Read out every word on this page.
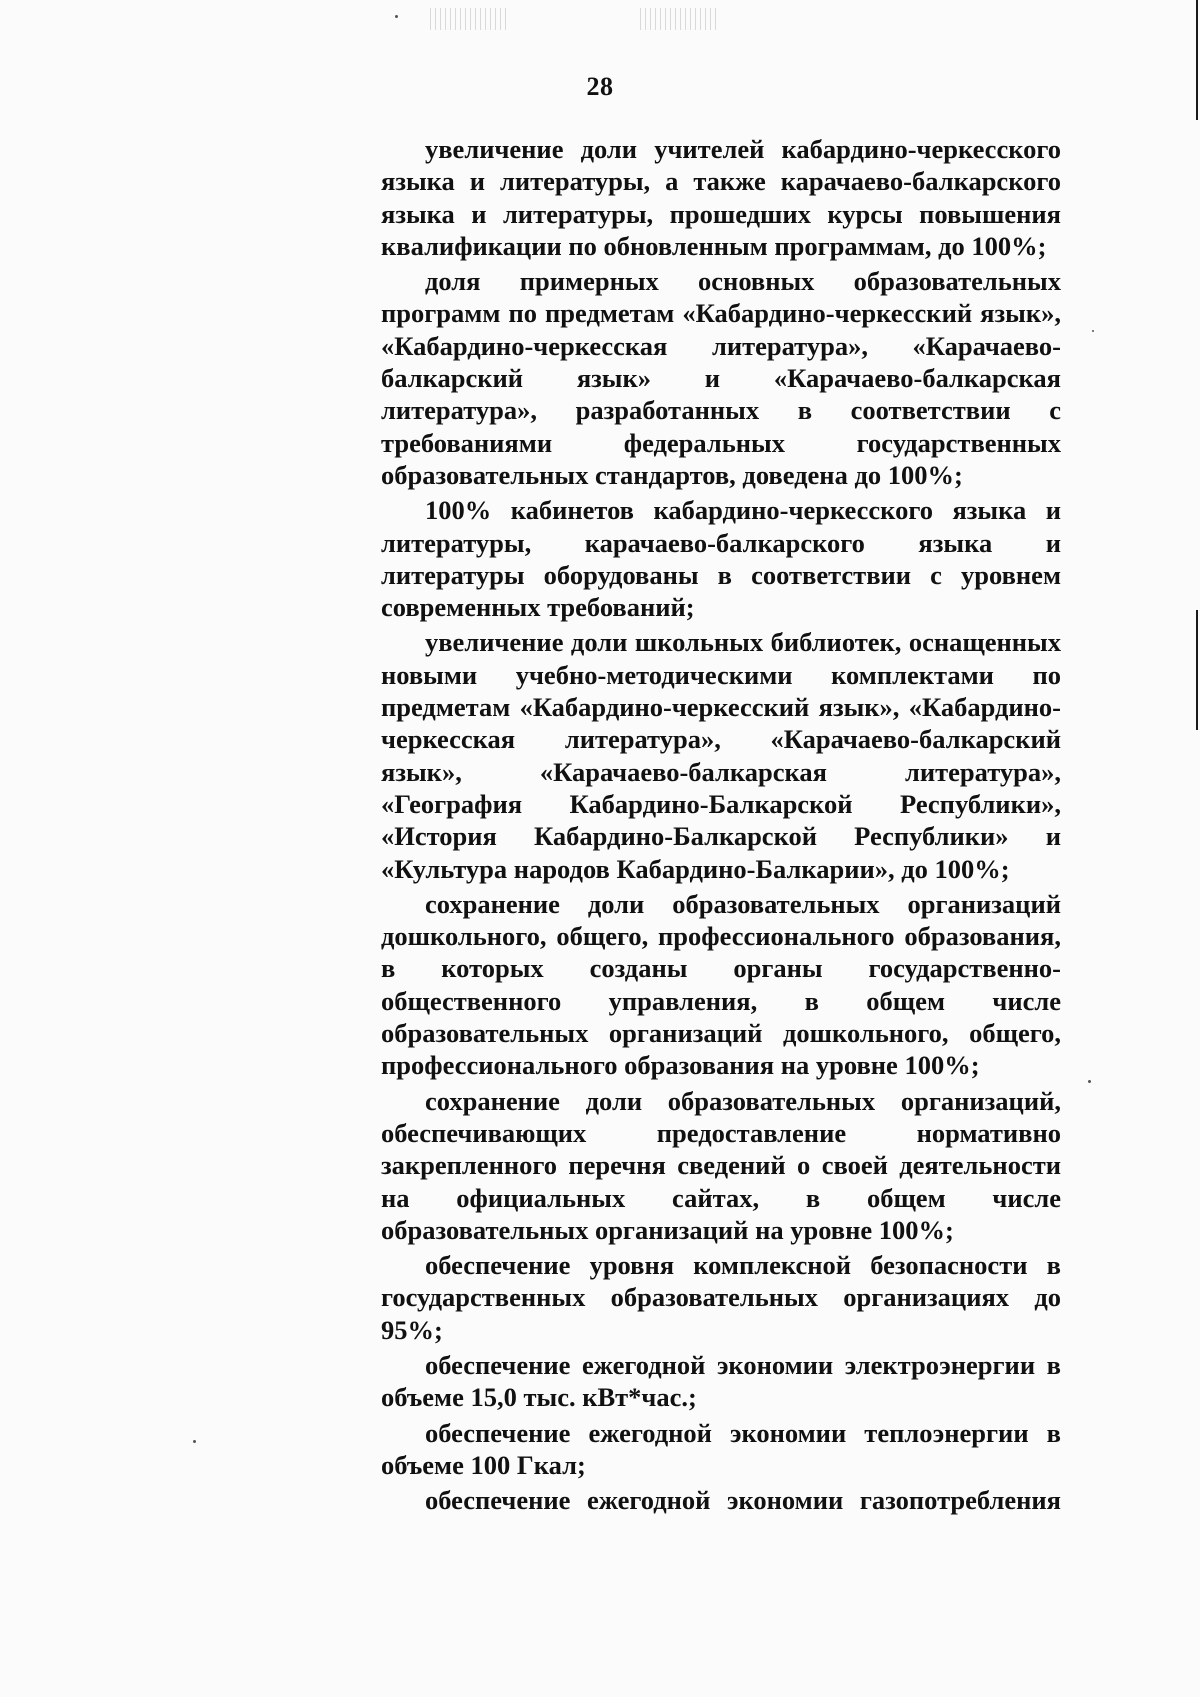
28

увеличение доли учителей кабардино-черкесского языка и литературы, а также карачаево-балкарского языка и литературы, прошедших курсы повышения квалификации по обновленным программам, до 100%;

доля примерных основных образовательных программ по предметам «Кабардино-черкесский язык», «Кабардино-черкесская литература», «Карачаево-балкарский язык» и «Карачаево-балкарская литература», разработанных в соответствии с требованиями федеральных государственных образовательных стандартов, доведена до 100%;

100% кабинетов кабардино-черкесского языка и литературы, карачаево-балкарского языка и литературы оборудованы в соответствии с уровнем современных требований;

увеличение доли школьных библиотек, оснащенных новыми учебно-методическими комплектами по предметам «Кабардино-черкесский язык», «Кабардино-черкесская литература», «Карачаево-балкарский язык», «Карачаево-балкарская литература», «География Кабардино-Балкарской Республики», «История Кабардино-Балкарской Республики» и «Культура народов Кабардино-Балкарии», до 100%;

сохранение доли образовательных организаций дошкольного, общего, профессионального образования, в которых созданы органы государственно-общественного управления, в общем числе образовательных организаций дошкольного, общего, профессионального образования на уровне 100%;

сохранение доли образовательных организаций, обеспечивающих предоставление нормативно закрепленного перечня сведений о своей деятельности на официальных сайтах, в общем числе образовательных организаций на уровне 100%;

обеспечение уровня комплексной безопасности в государственных образовательных организациях до 95%;

обеспечение ежегодной экономии электроэнергии в объеме 15,0 тыс. кВт*час.;

обеспечение ежегодной экономии теплоэнергии в объеме 100 Гкал;

обеспечение ежегодной экономии газопотребления
